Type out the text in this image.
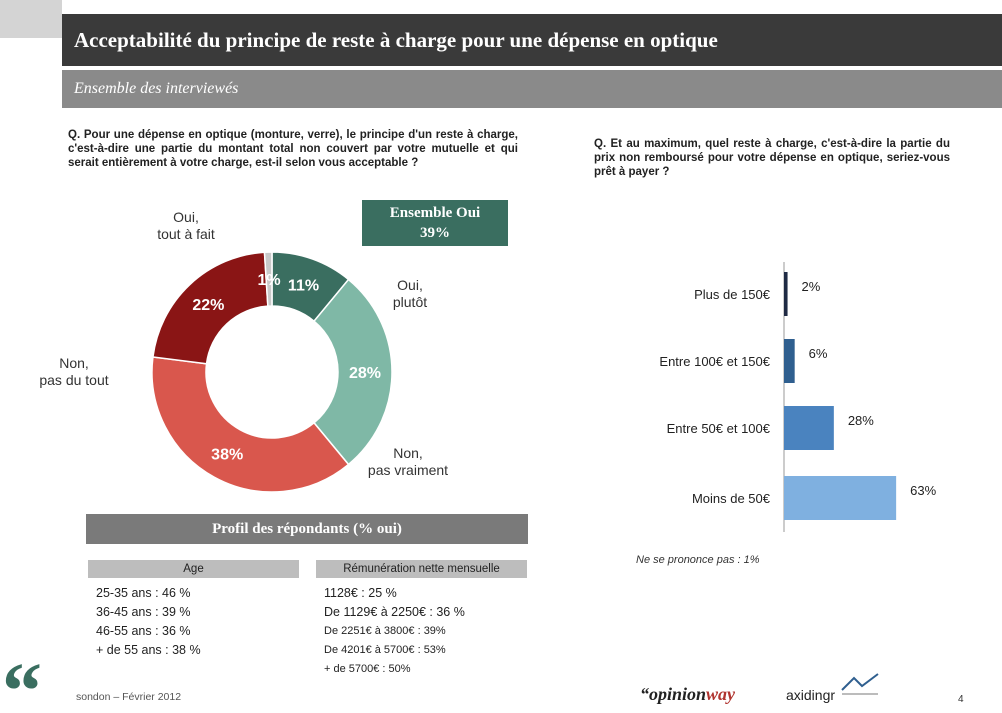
Acceptabilité du principe de reste à charge pour une dépense en optique
Ensemble des interviewés
Q. Pour une dépense en optique (monture, verre), le principe d'un reste à charge, c'est-à-dire une partie du montant total non couvert par votre mutuelle et qui serait entièrement à votre charge, est-il selon vous acceptable ?
Q. Et au maximum, quel reste à charge, c'est-à-dire la partie du prix non remboursé pour votre dépense en optique, seriez-vous prêt à payer ?
Ensemble Oui
39%
11%
Oui, tout à fait
28%
Oui, plutôt
38%	Non, pas vraiment
22%
Non, pas du tout
1%
Plus de 150€
2%
Entre 100€ et 150€
6%
Entre 50€ et 100€
28%
Moins de 50€
63%
Profil des répondants (% oui)
Age	Rémunération nette mensuelle
25-35 ans : 46 %
36-45 ans : 39 %
46-55 ans : 36 %
+ de 55 ans : 38 %
1128€ : 25 %
De 1129€ à 2250€ : 36 %
De 2251€ à 3800€ : 39%
De 4201€ à 5700€ : 53%
+ de 5700€ : 50%
Ne se prononce pas : 1%
“	sondon – Février 2012	“opinionway	axidingr	4
